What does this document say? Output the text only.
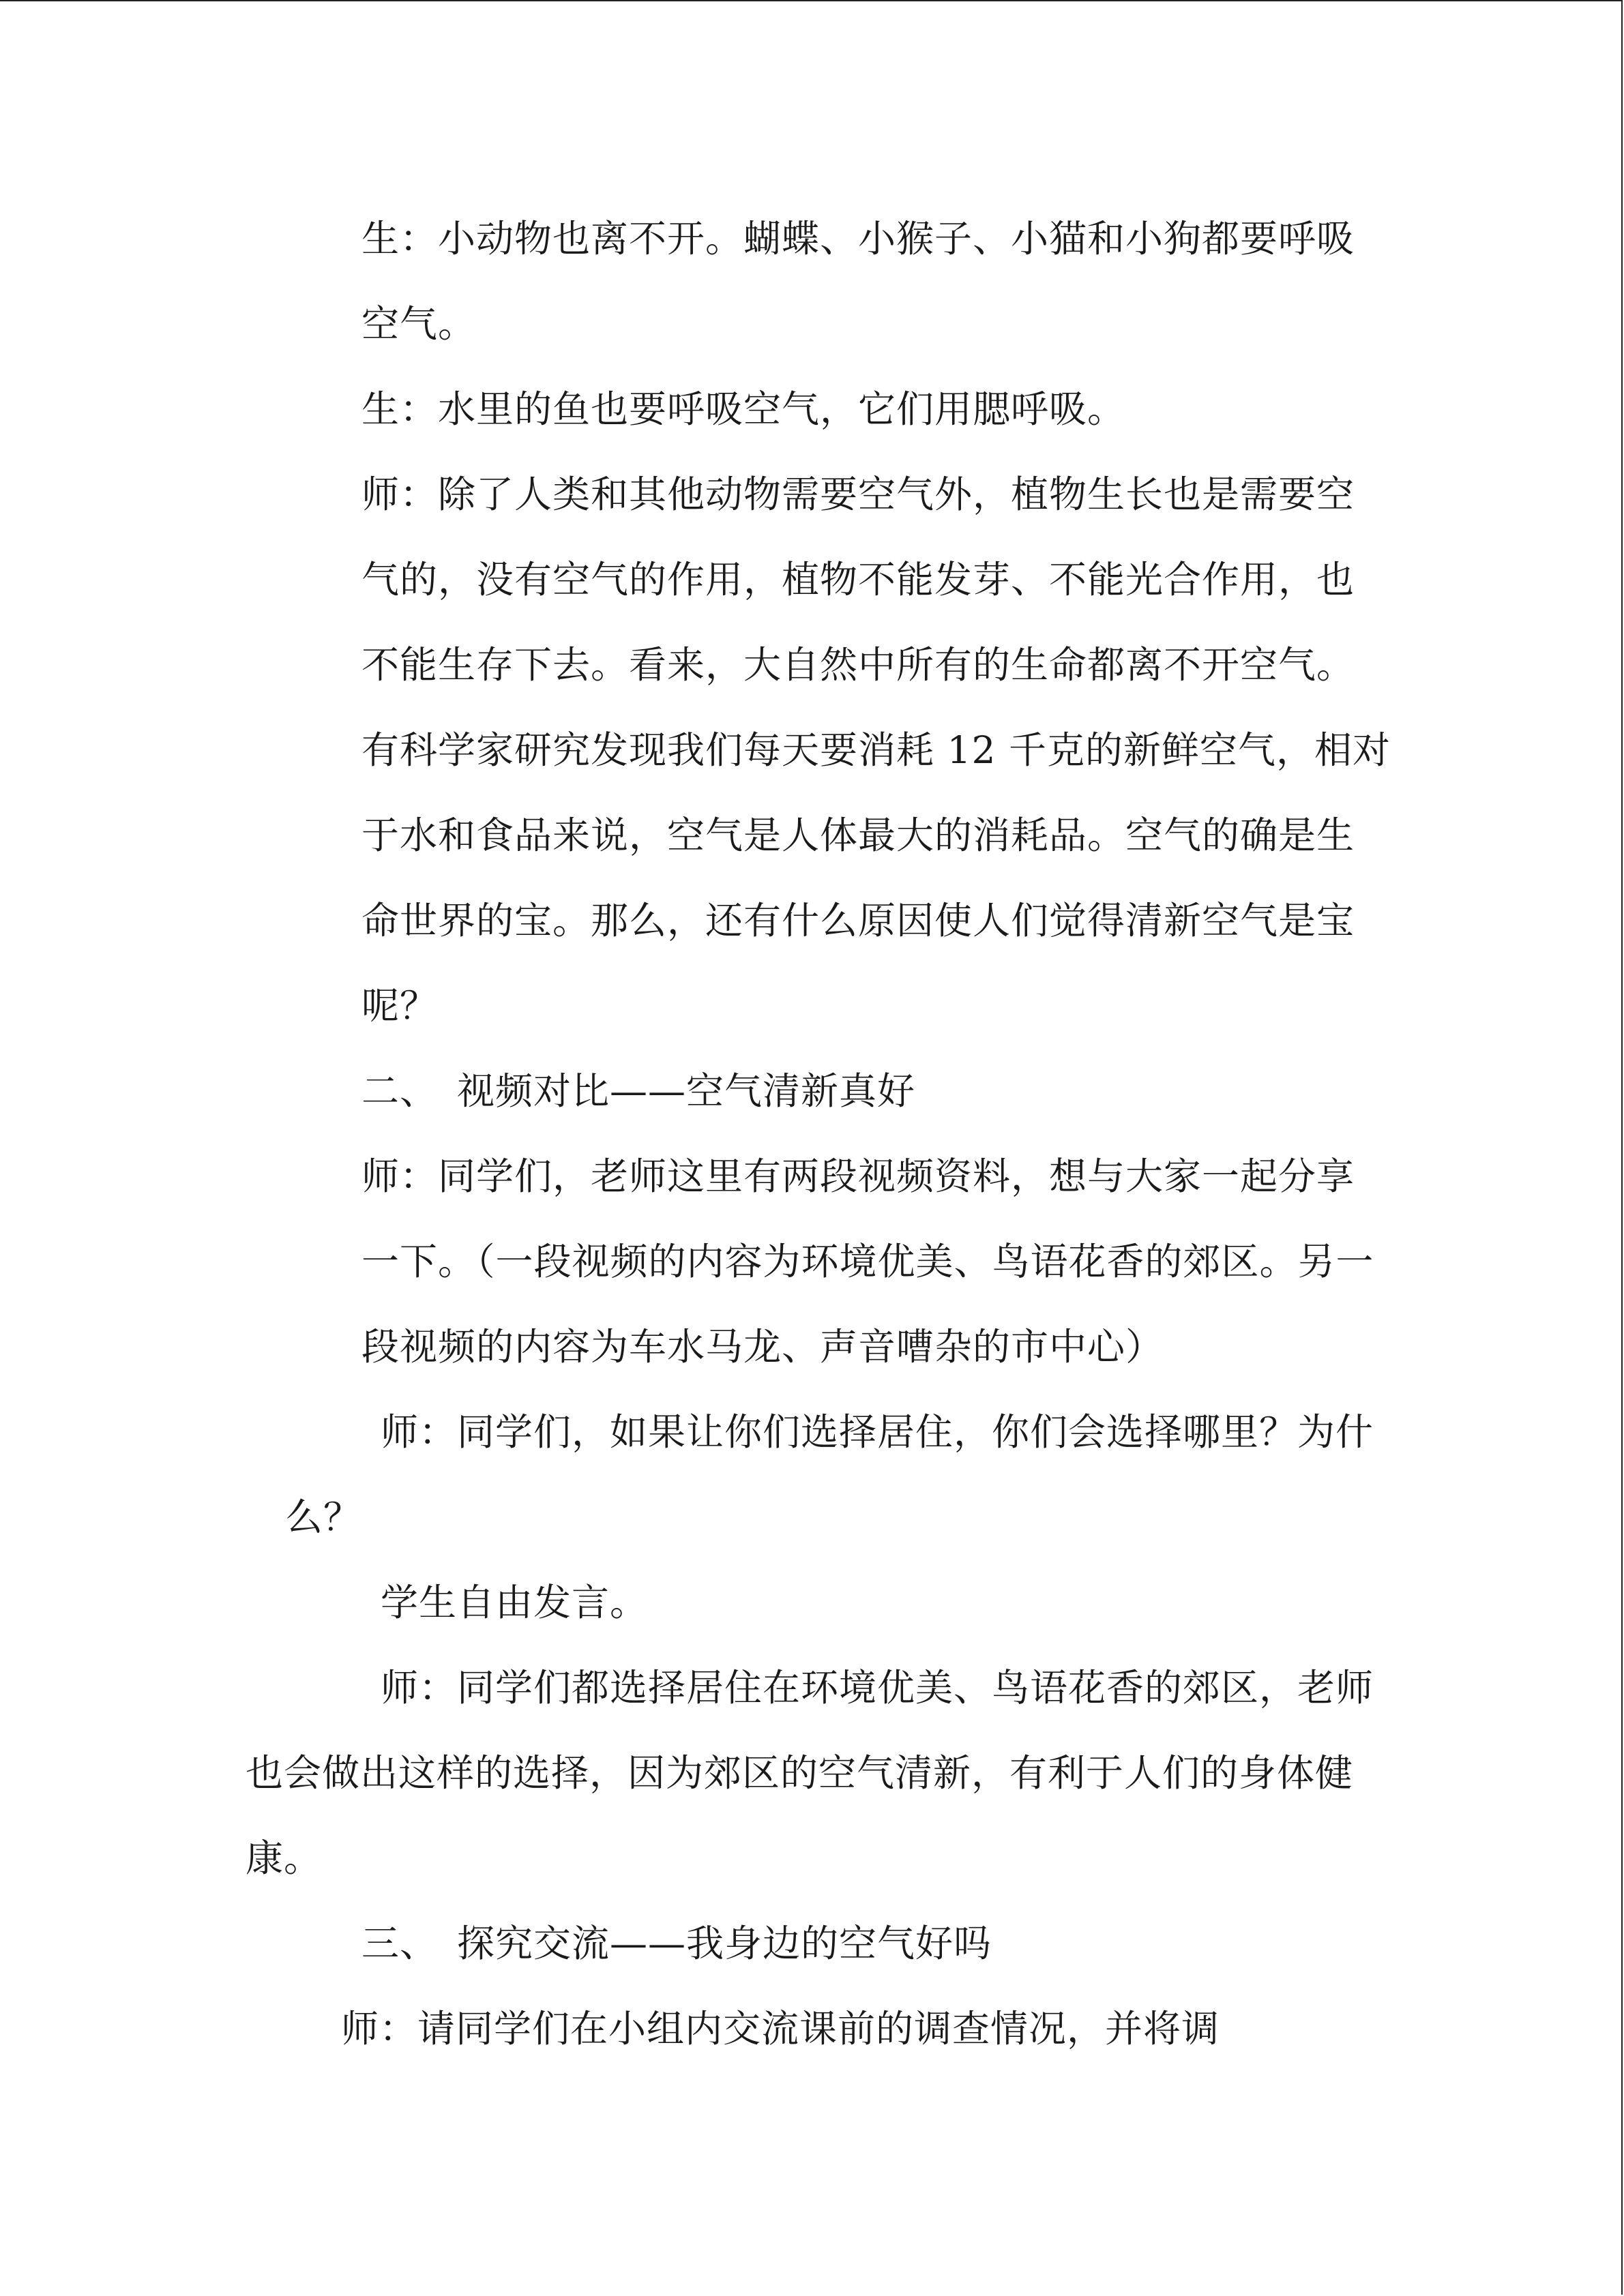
生：小动物也离不开。蝴蝶、小猴子、小猫和小狗都要呼吸
空气。
生：水里的鱼也要呼吸空气，它们用腮呼吸。
师：除了人类和其他动物需要空气外，植物生长也是需要空
气的，没有空气的作用，植物不能发芽、不能光合作用，也
不能生存下去。看来，大自然中所有的生命都离不开空气。
有科学家研究发现我们每天要消耗 12 千克的新鲜空气，相对
于水和食品来说，空气是人体最大的消耗品。空气的确是生
命世界的宝。那么，还有什么原因使人们觉得清新空气是宝
呢？
二、 视频对比——空气清新真好
师：同学们，老师这里有两段视频资料，想与大家一起分享
一下。（一段视频的内容为环境优美、鸟语花香的郊区。另一
段视频的内容为车水马龙、声音嘈杂的市中心）
师：同学们，如果让你们选择居住，你们会选择哪里？为什
么？
学生自由发言。
师：同学们都选择居住在环境优美、鸟语花香的郊区，老师
也会做出这样的选择，因为郊区的空气清新，有利于人们的身体健
康。
三、 探究交流——我身边的空气好吗
师：请同学们在小组内交流课前的调查情况，并将调
